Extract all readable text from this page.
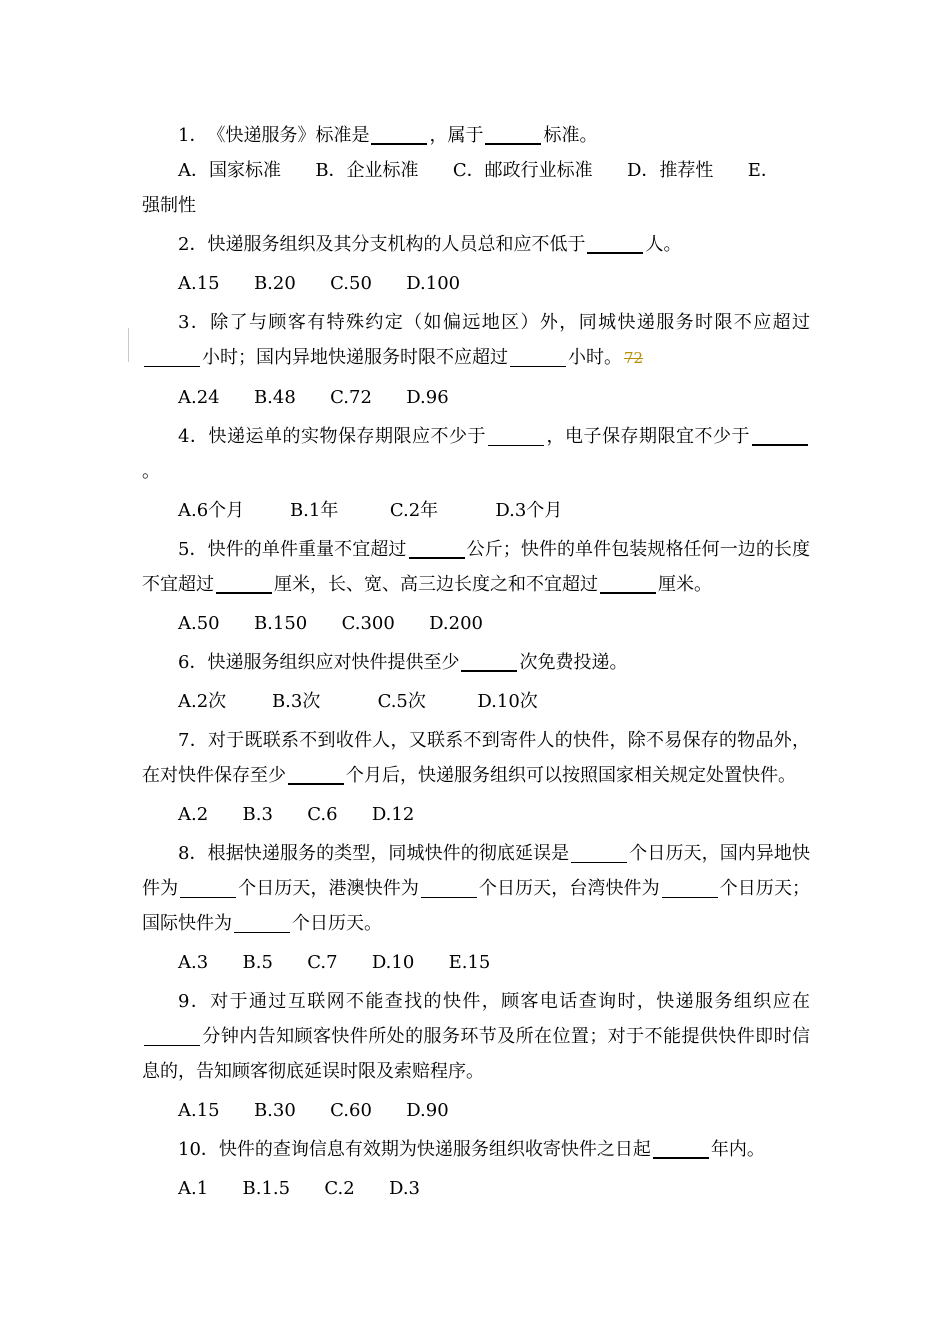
1．　 《快递服务》标准是	，属于	标准。

A．国家标准      B．企业标准      C．邮政行业标准      D．推荐性      E．

强制性

2．快递服务组织及其分支机构的人员总和应不低于	人。

A.15      B.20      C.50      D.100

3．除了与顾客有特殊约定（如偏远地区）外，同城快递服务时限不应超过小时；国内异地快递服务时限不应超过	小时。 72

A.24      B.48      C.72      D.96

4．快递运单的实物保存期限应不少于	，电子保存期限宜不少于。

A.6个月        B.1年         C.2年          D.3个月

5．快件的单件重量不宜超过	公斤；快件的单件包装规格任何一边的长度不宜超过	厘米，长、宽、高三边长度之和不宜超过	厘米。

A.50      B.150      C.300      D.200

6．快递服务组织应对快件提供至少	次免费投递。

A.2次        B.3次          C.5次         D.10次

7．对于既联系不到收件人，又联系不到寄件人的快件，除不易保存的物品外，在对快件保存至少	个月后，快递服务组织可以按照国家相关规定处置快件。

A.2      B.3      C.6      D.12

8．根据快递服务的类型，同城快件的彻底延误是	个日历天，国内异地快件为	个日历天，港澳快件为	个日历天，台湾快件为	个日历天；国际快件为	个日历天。

A.3      B.5      C.7      D.10      E.15

9．对于通过互联网不能查找的快件，顾客电话查询时，快递服务组织应在分钟内告知顾客快件所处的服务环节及所在位置；对于不能提供快件即时信息的，告知顾客彻底延误时限及索赔程序。

A.15      B.30      C.60      D.90

10．快件的查询信息有效期为快递服务组织收寄快件之日起	年内。

A.1      B.1.5      C.2      D.3
